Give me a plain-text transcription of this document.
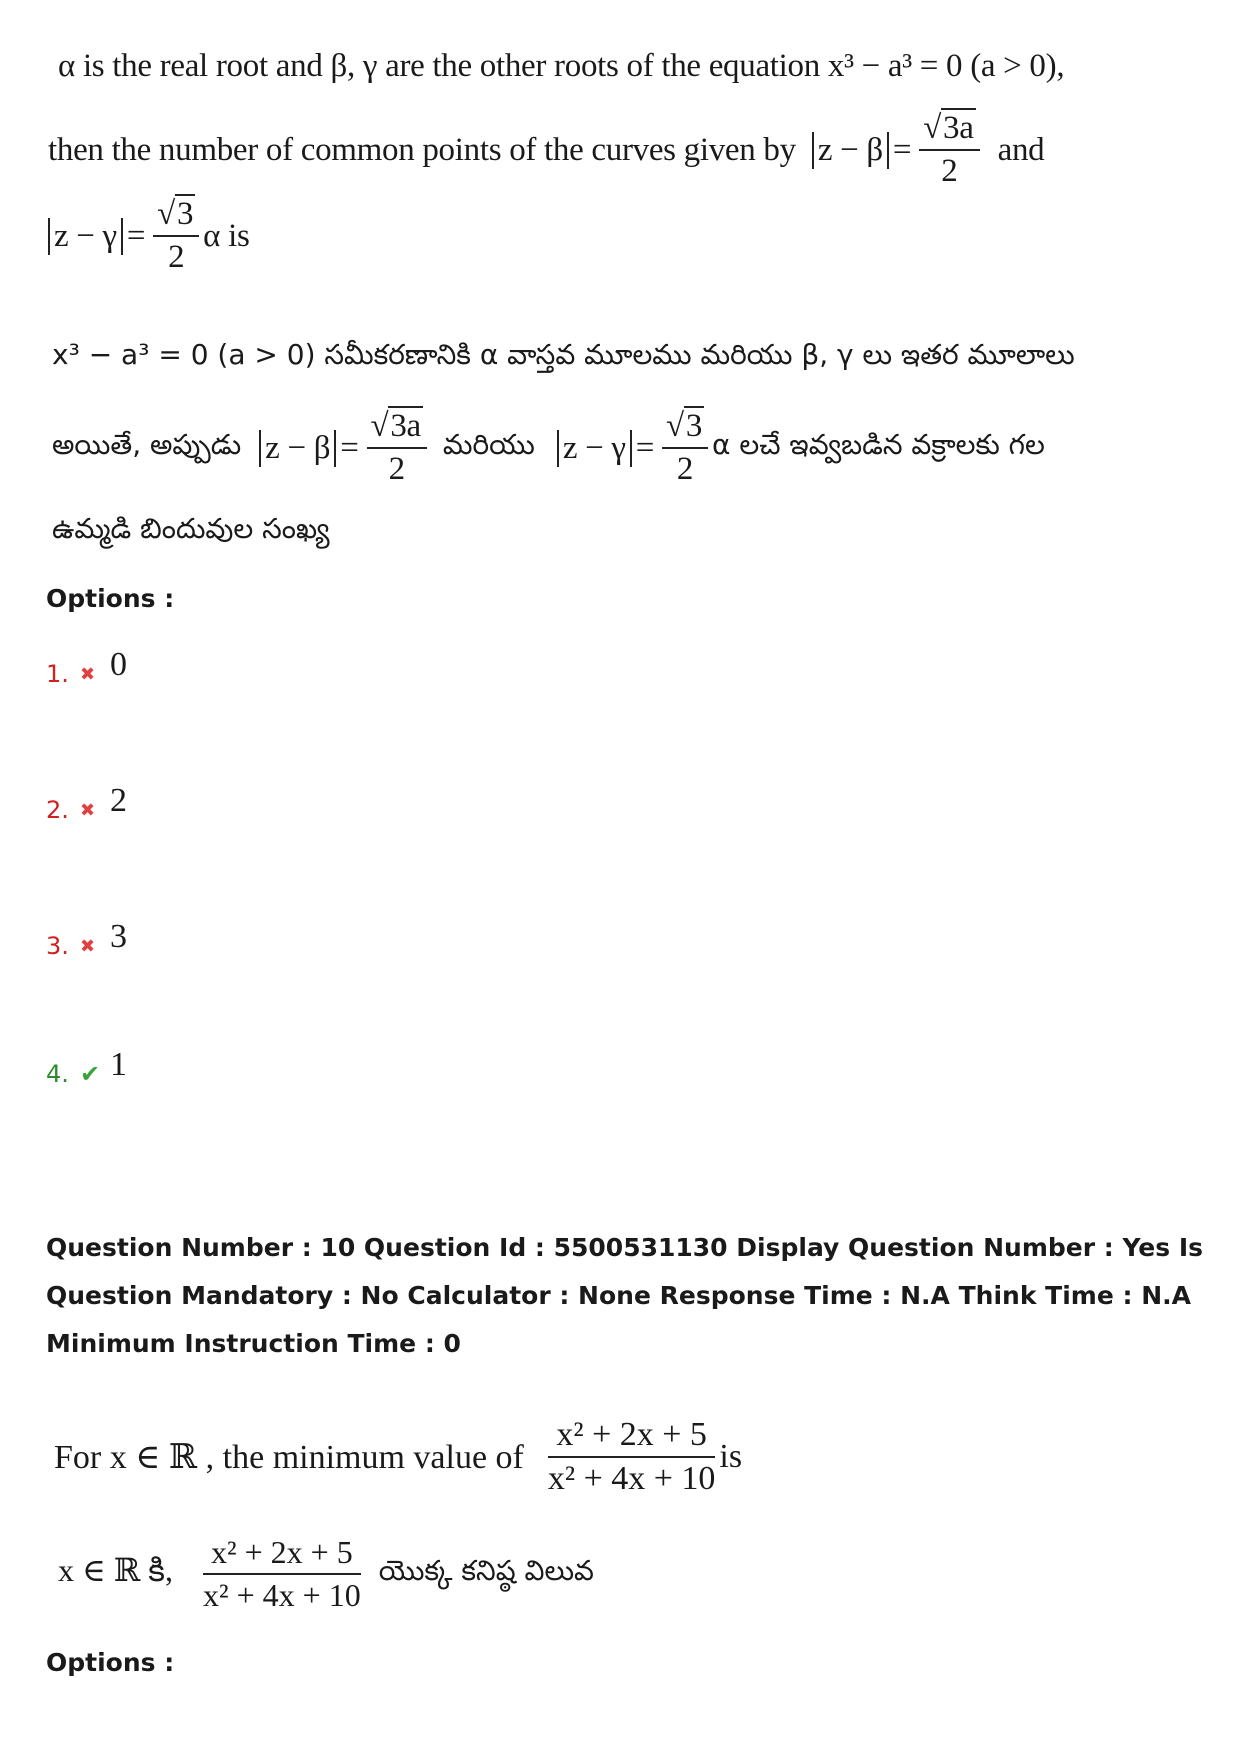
α is the real root and β, γ are the other roots of the equation x³ − a³ = 0 (a > 0),
then the number of common points of the curves given by $z - \beta = \frac{√3a}{2}$ and
$z - \gamma = \frac{√3}{2}$ α is
x³ − a³ = 0 (a > 0) సమీకరణానికి α వాస్తవ మూలము మరియు β, γ లు ఇతర మూలాలు
అయితే, అప్పుడు $z - \beta = \frac{√3a}{2}$ మరియు $z - \gamma = \frac{√3}{2}$ α లచే ఇవ్వబడిన వక్రాలకు గల
ఉమ్మడి బిందువుల సంఖ్య
Options :
1. ✖ 0
2. ✖ 2
3. ✖ 3
4. ✔ 1
Question Number : 10 Question Id : 5500531130 Display Question Number : Yes Is Question Mandatory : No Calculator : None Response Time : N.A Think Time : N.A Minimum Instruction Time : 0
For x ∈ ℝ , the minimum value of $\frac{\text{x² + 2x + 5}}{\text{x² + 4x + 10}}$ is
x ∈ ℝ కి, $\frac{\text{x² + 2x + 5}}{\text{x² + 4x + 10}}$ యొక్క కనిష్ఠ విలువ
Options :
